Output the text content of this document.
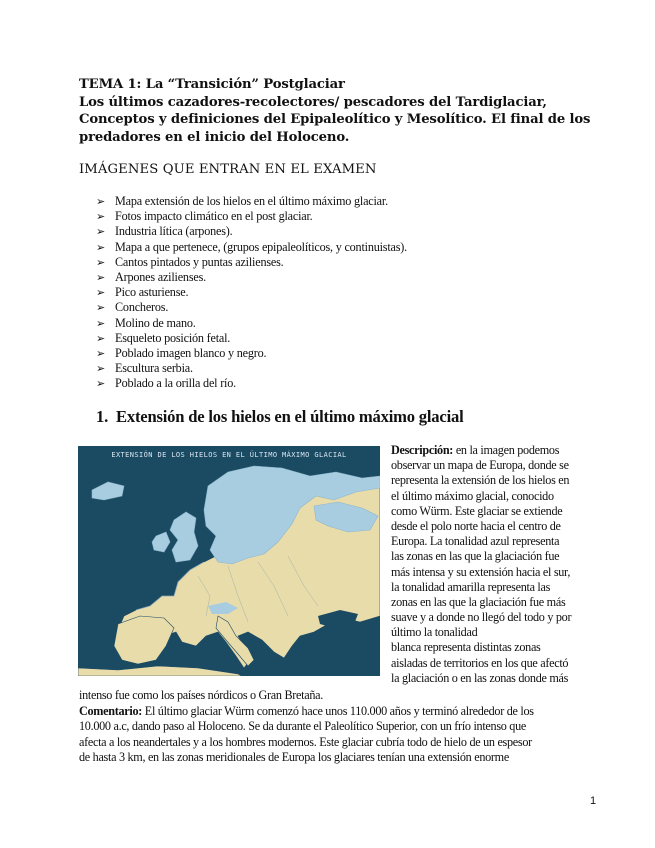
TEMA 1: La “Transición” Postglaciar
Los últimos cazadores-recolectores/ pescadores del Tardiglaciar,
Conceptos y definiciones del Epipaleolítico y Mesolítico. El final de los
predadores en el inicio del Holoceno.
IMÁGENES QUE ENTRAN EN EL EXAMEN
➢ Mapa extensión de los hielos en el último máximo glaciar.
➢ Fotos impacto climático en el post glaciar.
➢ Industria lítica (arpones).
➢ Mapa a que pertenece, (grupos epipaleolíticos, y continuistas).
➢ Cantos pintados y puntas azilienses.
➢ Arpones azilienses.
➢ Pico asturiense.
➢ Concheros.
➢ Molino de mano.
➢ Esqueleto posición fetal.
➢ Poblado imagen blanco y negro.
➢ Escultura serbia.
➢ Poblado a la orilla del río.
1. Extensión de los hielos en el último máximo glacial
EXTENSIÓN DE LOS HIELOS EN EL ÚLTIMO MÁXIMO GLACIAL	Descripción: en la imagen podemos
observar un mapa de Europa, donde se
representa la extensión de los hielos en
el último máximo glacial, conocido
como Würm. Este glaciar se extiende
desde el polo norte hacia el centro de
Europa. La tonalidad azul representa
las zonas en las que la glaciación fue
más intensa y su extensión hacia el sur,
la tonalidad amarilla representa las
zonas en las que la glaciación fue más
suave y a donde no llegó del todo y por
último la tonalidad
blanca representa distintas zonas
aisladas de territorios en los que afectó
la glaciación o en las zonas donde más
intenso fue como los países nórdicos o Gran Bretaña.
Comentario: El último glaciar Würm comenzó hace unos 110.000 años y terminó alrededor de los
10.000 a.c, dando paso al Holoceno. Se da durante el Paleolítico Superior, con un frío intenso que
afecta a los neandertales y a los hombres modernos. Este glaciar cubría todo de hielo de un espesor
de hasta 3 km, en las zonas meridionales de Europa los glaciares tenían una extensión enorme
1
